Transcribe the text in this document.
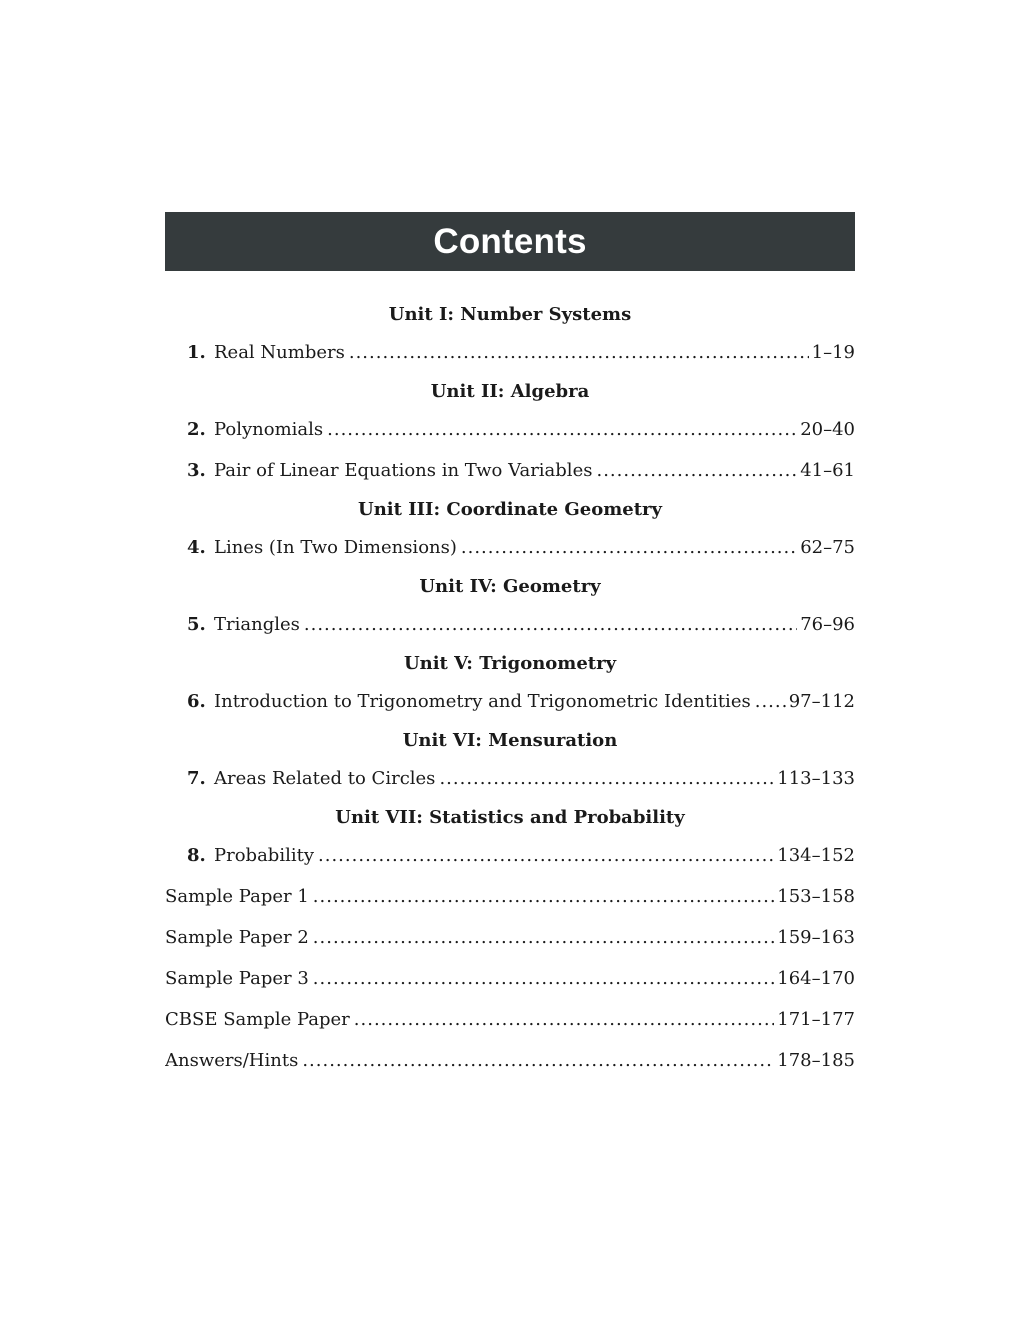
Contents
Unit I: Number Systems
1. Real Numbers .....	1–19
Unit II: Algebra
2. Polynomials .....	20–40
3. Pair of Linear Equations in Two Variables .....	41–61
Unit III: Coordinate Geometry
4. Lines (In Two Dimensions) .....	62–75
Unit IV: Geometry
5. Triangles .....	76–96
Unit V: Trigonometry
6. Introduction to Trigonometry and Trigonometric Identities ..... 97–112
Unit VI: Mensuration
7. Areas Related to Circles .....	113–133
Unit VII: Statistics and Probability
8. Probability .....	134–152
Sample Paper 1 .....	153–158
Sample Paper 2 .....	159–163
Sample Paper 3 .....	164–170
CBSE Sample Paper .....	171–177
Answers/Hints .....	178–185
